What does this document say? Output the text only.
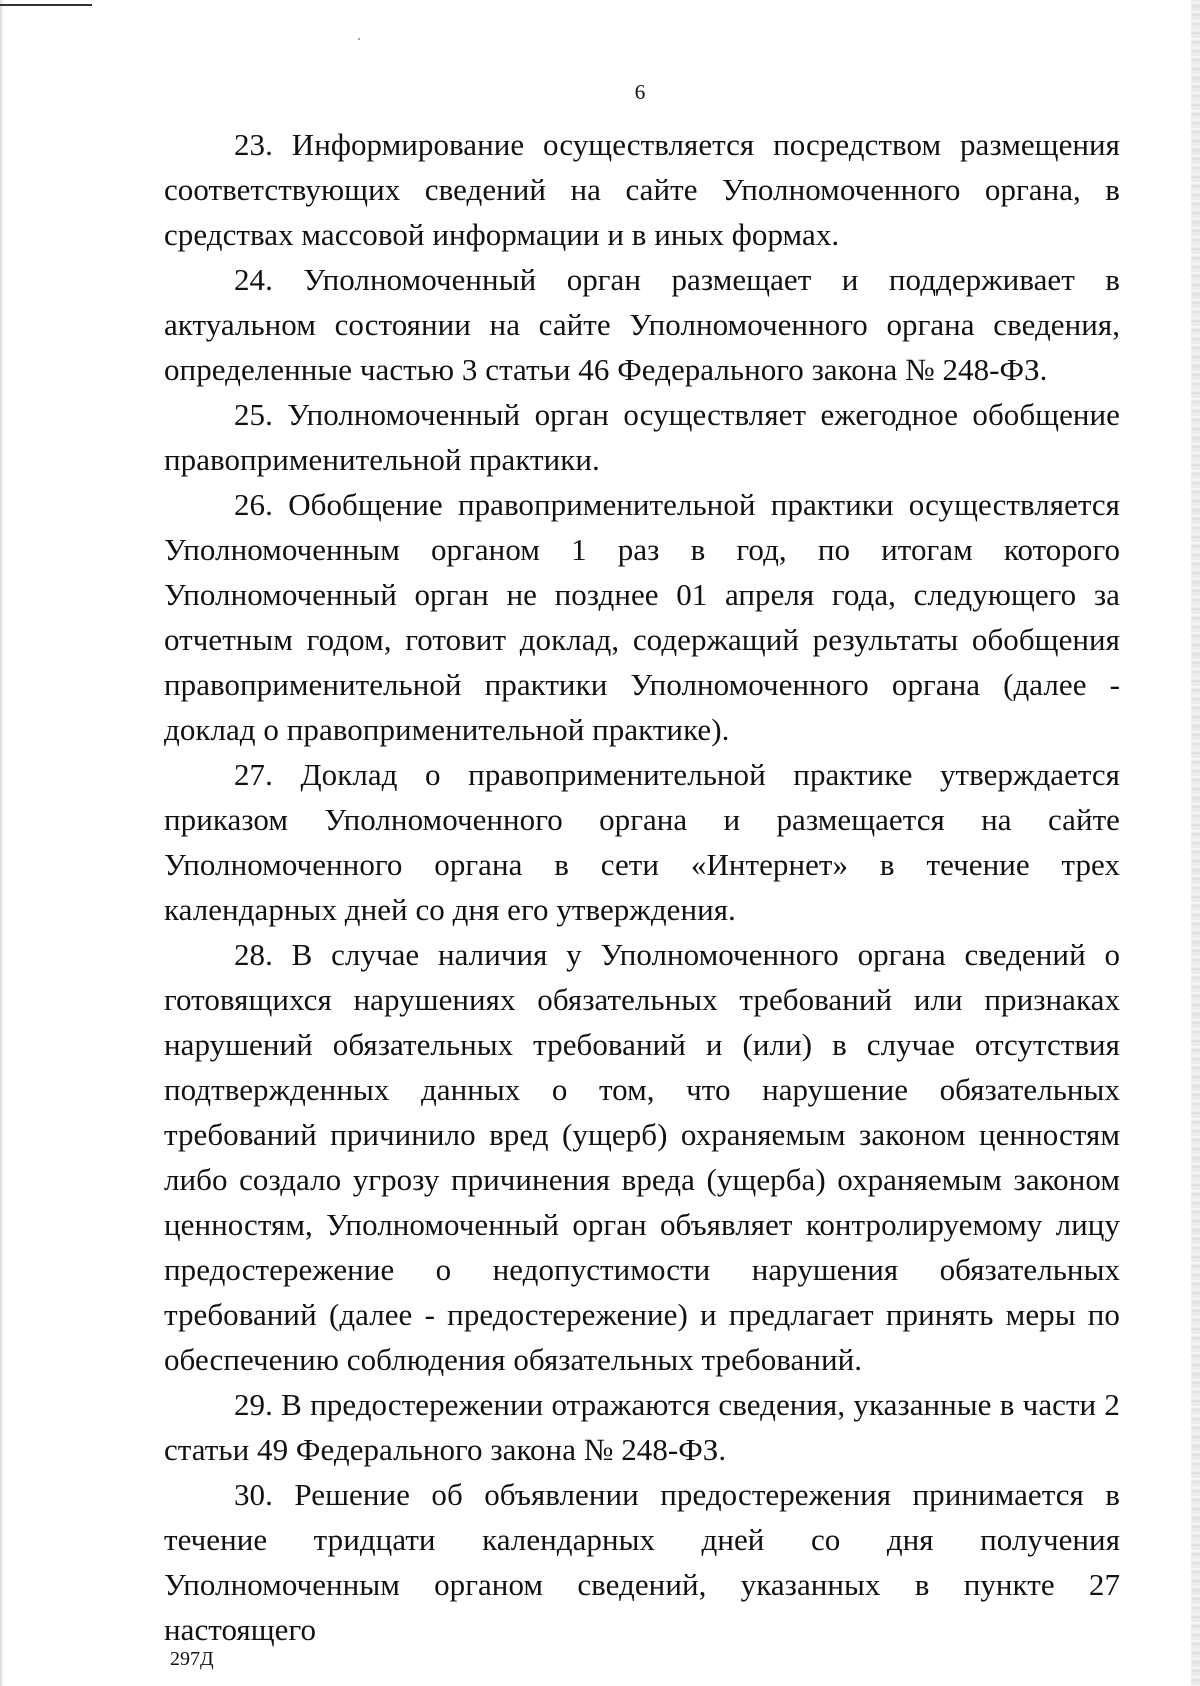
6

23. Информирование осуществляется посредством размещения соответствующих сведений на сайте Уполномоченного органа, в средствах массовой информации и в иных формах.

24. Уполномоченный орган размещает и поддерживает в актуальном состоянии на сайте Уполномоченного органа сведения, определенные частью 3 статьи 46 Федерального закона № 248-ФЗ.

25. Уполномоченный орган осуществляет ежегодное обобщение правоприменительной практики.

26. Обобщение правоприменительной практики осуществляется Уполномоченным органом 1 раз в год, по итогам которого Уполномоченный орган не позднее 01 апреля года, следующего за отчетным годом, готовит доклад, содержащий результаты обобщения правоприменительной практики Уполномоченного органа (далее - доклад о правоприменительной практике).

27. Доклад о правоприменительной практике утверждается приказом Уполномоченного органа и размещается на сайте Уполномоченного органа в сети «Интернет» в течение трех календарных дней со дня его утверждения.

28. В случае наличия у Уполномоченного органа сведений о готовящихся нарушениях обязательных требований или признаках нарушений обязательных требований и (или) в случае отсутствия подтвержденных данных о том, что нарушение обязательных требований причинило вред (ущерб) охраняемым законом ценностям либо создало угрозу причинения вреда (ущерба) охраняемым законом ценностям, Уполномоченный орган объявляет контролируемому лицу предостережение о недопустимости нарушения обязательных требований (далее - предостережение) и предлагает принять меры по обеспечению соблюдения обязательных требований.

29. В предостережении отражаются сведения, указанные в части 2 статьи 49 Федерального закона № 248-ФЗ.

30. Решение об объявлении предостережения принимается в течение тридцати календарных дней со дня получения Уполномоченным органом сведений, указанных в пункте 27 настоящего

297Д
